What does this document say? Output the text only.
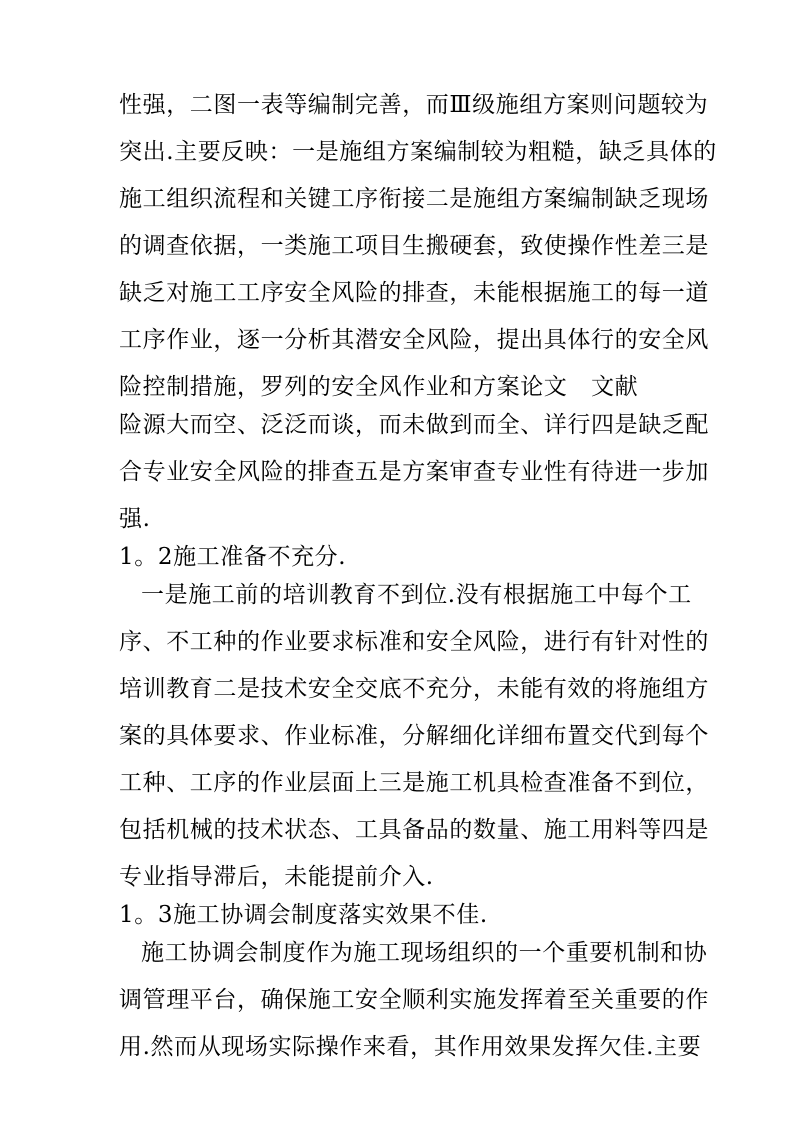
性强，二图一表等编制完善，而Ⅲ级施组方案则问题较为
突出.主要反映：一是施组方案编制较为粗糙，缺乏具体的
施工组织流程和关键工序衔接二是施组方案编制缺乏现场
的调查依据，一类施工项目生搬硬套，致使操作性差三是
缺乏对施工工序安全风险的排查，未能根据施工的每一道
工序作业，逐一分析其潜安全风险，提出具体行的安全风
险控制措施，罗列的安全风作业和方案论文　文献
险源大而空、泛泛而谈，而未做到而全、详行四是缺乏配
合专业安全风险的排查五是方案审查专业性有待进一步加
强.
1。2施工准备不充分.
一是施工前的培训教育不到位.没有根据施工中每个工
序、不工种的作业要求标准和安全风险，进行有针对性的
培训教育二是技术安全交底不充分，未能有效的将施组方
案的具体要求、作业标准，分解细化详细布置交代到每个
工种、工序的作业层面上三是施工机具检查准备不到位，
包括机械的技术状态、工具备品的数量、施工用料等四是
专业指导滞后，未能提前介入.
1。3施工协调会制度落实效果不佳.
施工协调会制度作为施工现场组织的一个重要机制和协
调管理平台，确保施工安全顺利实施发挥着至关重要的作
用.然而从现场实际操作来看，其作用效果发挥欠佳.主要
